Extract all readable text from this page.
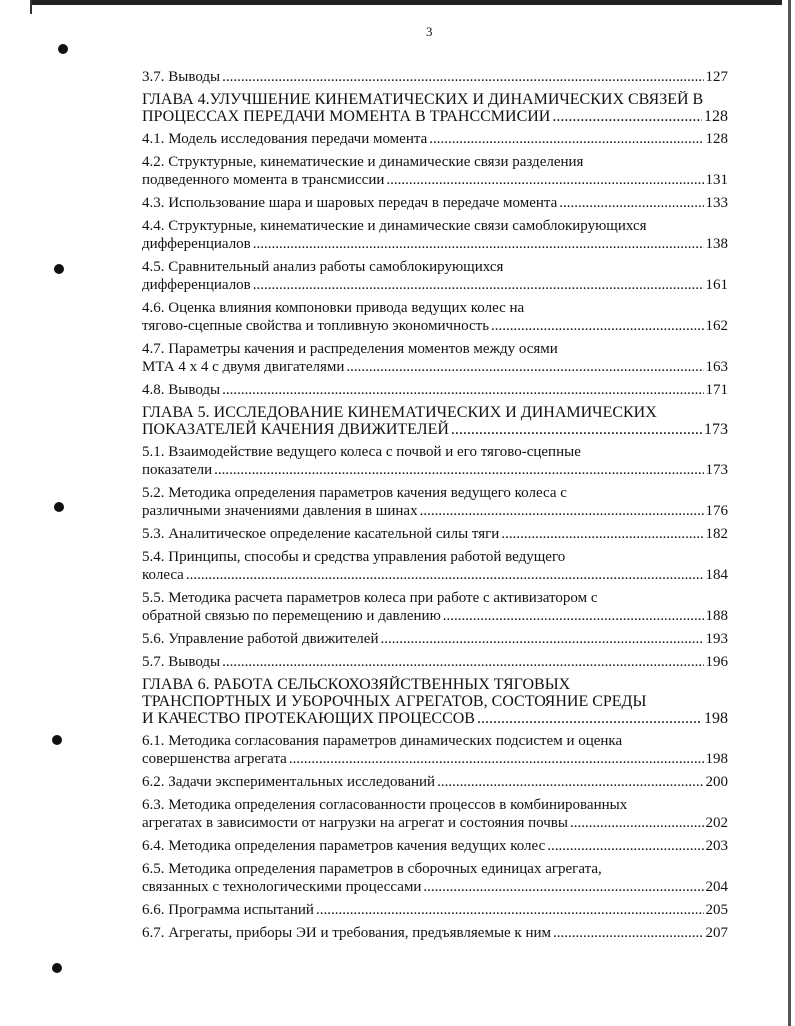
3
3.7. Выводы .....	127
ГЛАВА 4.УЛУЧШЕНИЕ КИНЕМАТИЧЕСКИХ И ДИНАМИЧЕСКИХ СВЯЗЕЙ В
ПРОЦЕССАХ ПЕРЕДАЧИ МОМЕНТА В ТРАНССМИСИИ .....	128
4.1. Модель исследования передачи момента .....	128
4.2. Структурные, кинематические и динамические связи разделения
подведенного момента в трансмиссии .....	131
4.3. Использование шара и шаровых передач в передаче момента .....	133
4.4. Структурные, кинематические и динамические связи самоблокирующихся
дифференциалов .....	138
4.5. Сравнительный анализ работы самоблокирующихся
дифференциалов .....	161
4.6. Оценка влияния компоновки привода ведущих колес на
тягово-сцепные свойства и топливную экономичность .....	162
4.7. Параметры качения и распределения моментов между осями
МТА 4 х 4 с двумя двигателями .....	163
4.8. Выводы .....	171
ГЛАВА 5. ИССЛЕДОВАНИЕ КИНЕМАТИЧЕСКИХ И ДИНАМИЧЕСКИХ
ПОКАЗАТЕЛЕЙ КАЧЕНИЯ ДВИЖИТЕЛЕЙ .....	173
5.1. Взаимодействие ведущего колеса с почвой и его тягово-сцепные
показатели .....	173
5.2. Методика определения параметров качения ведущего колеса с
различными значениями давления в шинах .....	176
5.3. Аналитическое определение касательной силы тяги .....	182
5.4. Принципы, способы и средства управления работой ведущего
колеса .....	184
5.5. Методика расчета параметров колеса при работе с активизатором с
обратной связью по перемещению и давлению .....	188
5.6. Управление работой движителей .....	193
5.7. Выводы .....	196
ГЛАВА 6. РАБОТА СЕЛЬСКОХОЗЯЙСТВЕННЫХ ТЯГОВЫХ
ТРАНСПОРТНЫХ И УБОРОЧНЫХ АГРЕГАТОВ, СОСТОЯНИЕ СРЕДЫ
И КАЧЕСТВО ПРОТЕКАЮЩИХ ПРОЦЕССОВ .....	198
6.1. Методика согласования параметров динамических подсистем и оценка
совершенства агрегата .....	198
6.2. Задачи экспериментальных исследований .....	200
6.3. Методика определения согласованности процессов в комбинированных
агрегатах в зависимости от нагрузки на агрегат и состояния почвы .....	202
6.4. Методика определения параметров качения ведущих колес .....	203
6.5. Методика определения параметров в сборочных единицах агрегата,
связанных с технологическими процессами .....	204
6.6. Программа испытаний .....	205
6.7. Агрегаты, приборы ЭИ и требования, предъявляемые к ним .....	207
